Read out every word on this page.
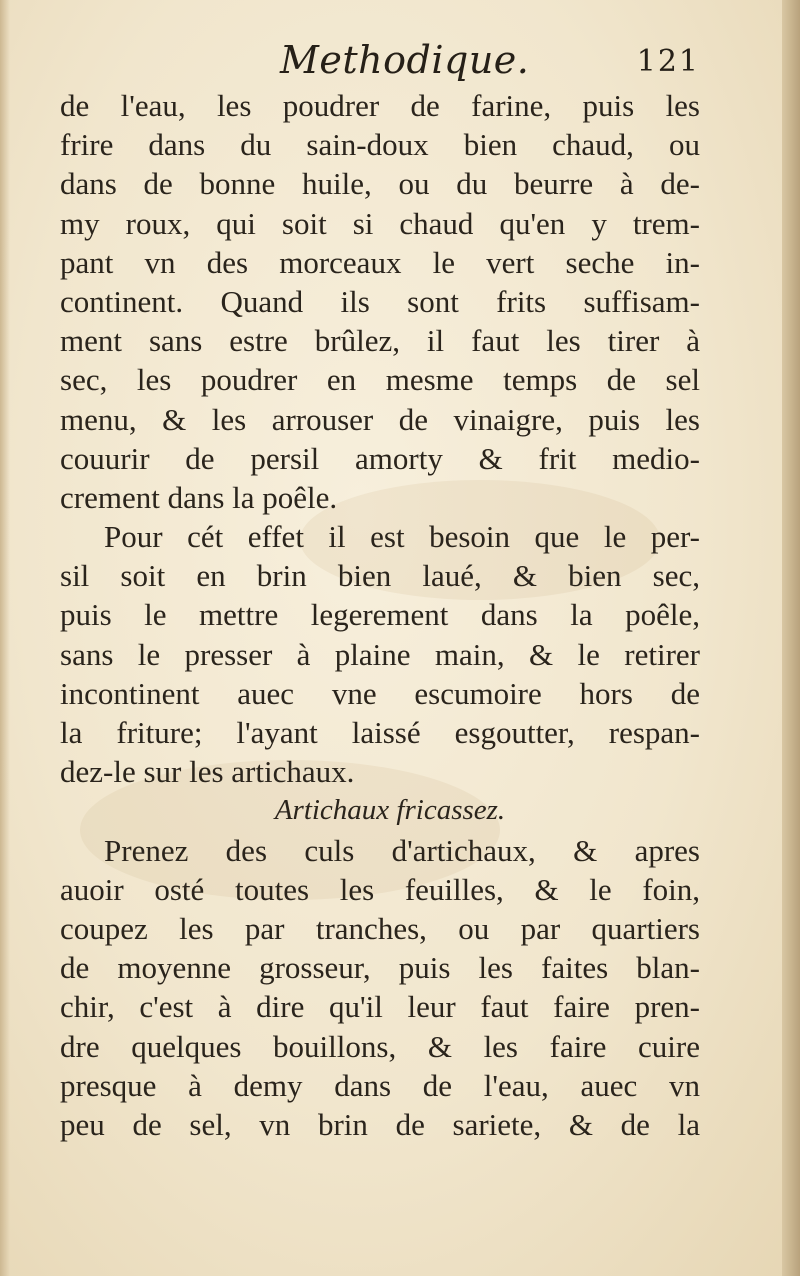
Methodique.	121
de l'eau, les poudrer de farine, puis les
frire dans du sain-doux bien chaud, ou
dans de bonne huile, ou du beurre à de-
my roux, qui soit si chaud qu'en y trem-
pant vn des morceaux le vert seche in-
continent. Quand ils sont frits suffisam-
ment sans estre brûlez, il faut les tirer à
sec, les poudrer en mesme temps de sel
menu, & les arrouser de vinaigre, puis les
couurir de persil amorty & frit medio-
crement dans la poêle.
Pour cét effet il est besoin que le per-
sil soit en brin bien laué, & bien sec,
puis le mettre legerement dans la poêle,
sans le presser à plaine main, & le retirer
incontinent auec vne escumoire hors de
la friture; l'ayant laissé esgoutter, respan-
dez-le sur les artichaux.
Artichaux fricassez.
Prenez des culs d'artichaux, & apres
auoir osté toutes les feuilles, & le foin,
coupez les par tranches, ou par quartiers
de moyenne grosseur, puis les faites blan-
chir, c'est à dire qu'il leur faut faire pren-
dre quelques bouillons, & les faire cuire
presque à demy dans de l'eau, auec vn
peu de sel, vn brin de sariete, & de la
